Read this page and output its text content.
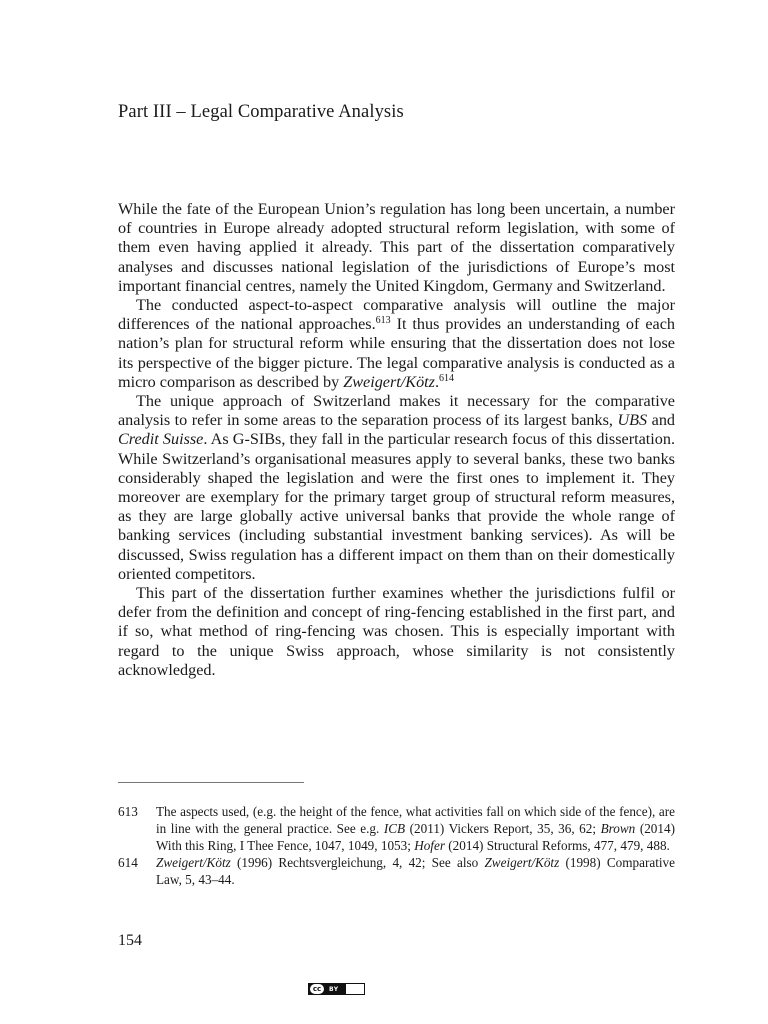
Part III – Legal Comparative Analysis

While the fate of the European Union’s regulation has long been uncertain, a number of countries in Europe already adopted structural reform legislation, with some of them even having applied it already. This part of the dissertation comparatively analyses and discusses national legislation of the jurisdictions of Europe’s most important financial centres, namely the United Kingdom, Germany and Switzerland.

The conducted aspect-to-aspect comparative analysis will outline the major differences of the national approaches.$^{613}$ It thus provides an understanding of each nation’s plan for structural reform while ensuring that the dissertation does not lose its perspective of the bigger picture. The legal comparative analysis is conducted as a micro comparison as described by Zweigert/Kötz.$^{614}$

The unique approach of Switzerland makes it necessary for the comparative analysis to refer in some areas to the separation process of its largest banks, UBS and Credit Suisse. As G-SIBs, they fall in the particular research focus of this dissertation. While Switzerland’s organisational measures apply to several banks, these two banks considerably shaped the legislation and were the first ones to implement it. They moreover are exemplary for the primary target group of structural reform measures, as they are large globally active universal banks that provide the whole range of banking services (including substantial investment banking services). As will be discussed, Swiss regulation has a different impact on them than on their domestically oriented competitors.

This part of the dissertation further examines whether the jurisdictions fulfil or defer from the definition and concept of ring-fencing established in the first part, and if so, what method of ring-fencing was chosen. This is especially important with regard to the unique Swiss approach, whose similarity is not consistently acknowledged.

613	The aspects used, (e.g. the height of the fence, what activities fall on which side of the fence), are in line with the general practice. See e.g. ICB (2011) Vickers Report, 35, 36, 62; Brown (2014) With this Ring, I Thee Fence, 1047, 1049, 1053; Hofer (2014) Structural Reforms, 477, 479, 488.
614	Zweigert/Kötz (1996) Rechtsvergleichung, 4, 42; See also Zweigert/Kötz (1998) Comparative Law, 5, 43–44.
154
cc	BY
